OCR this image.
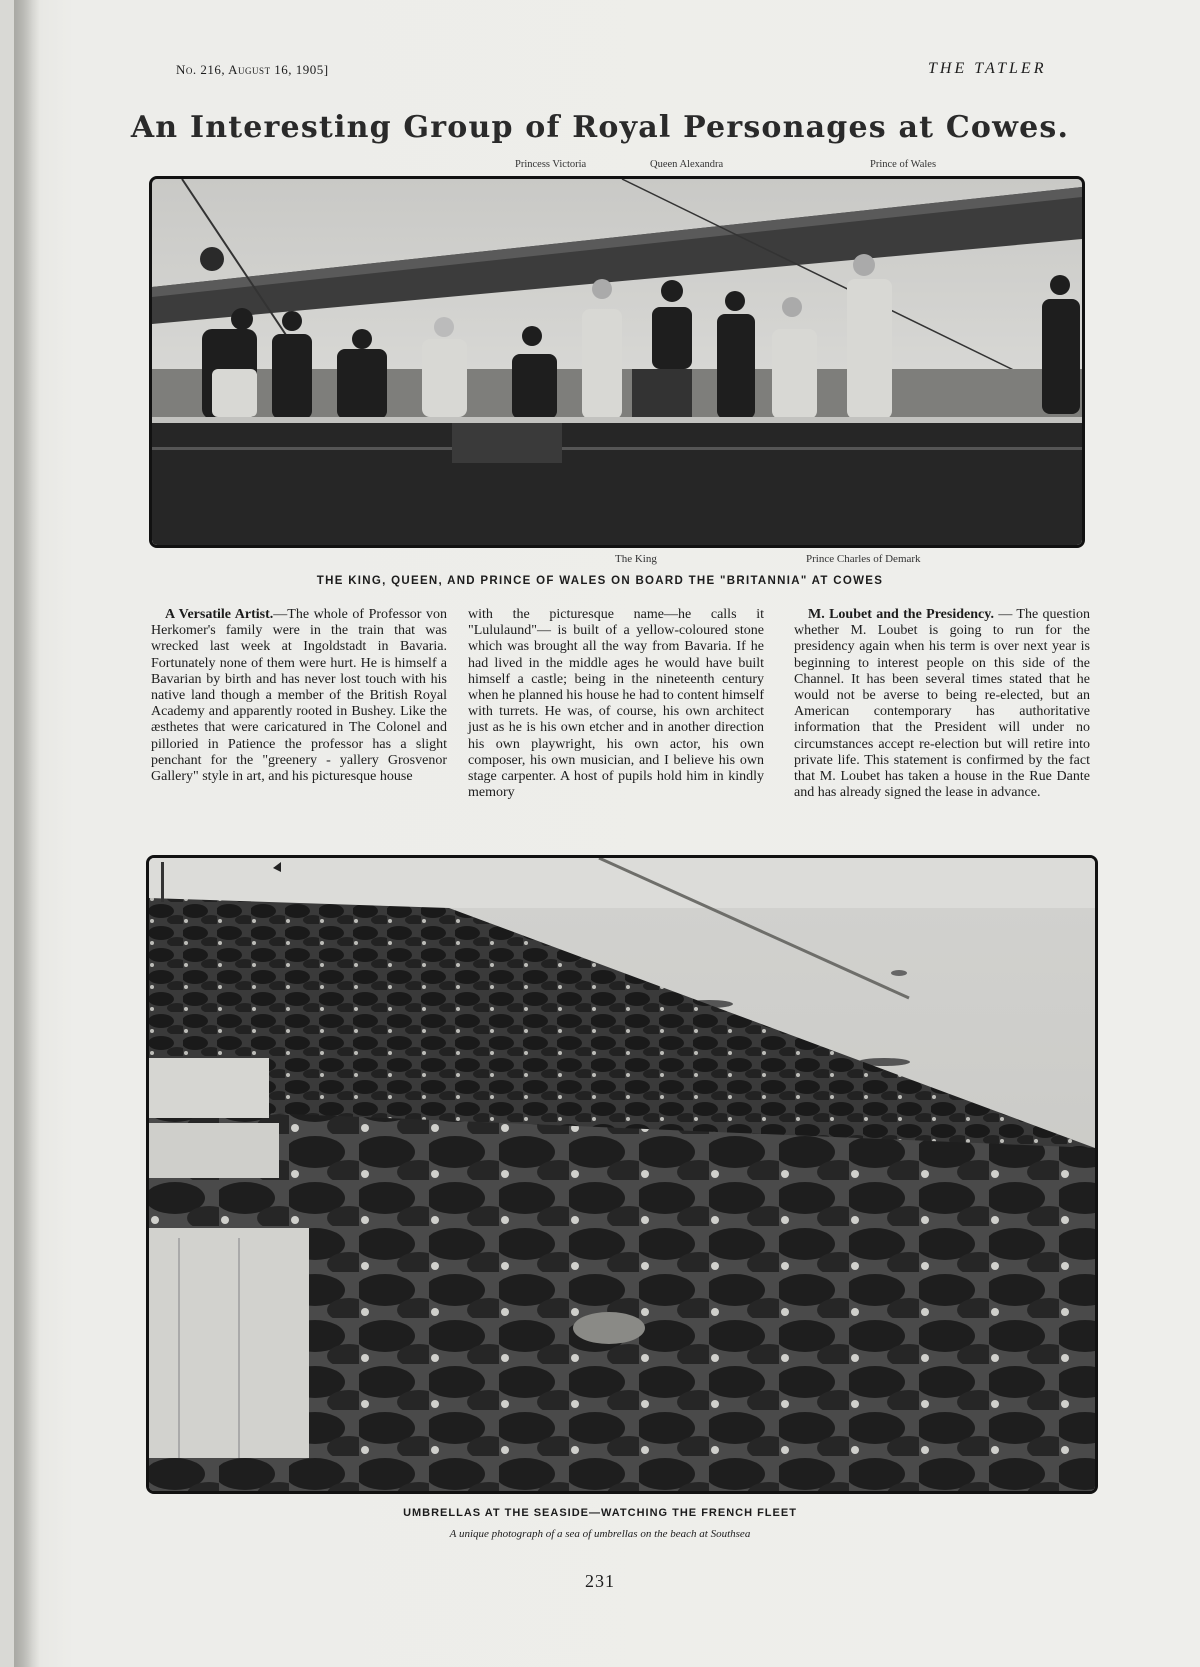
No. 216, August 16, 1905]	THE TATLER
An Interesting Group of Royal Personages at Cowes.
Princess Victoria	Queen Alexandra	Prince of Wales
The King	Prince Charles of Demark
THE KING, QUEEN, AND PRINCE OF WALES ON BOARD THE "BRITANNIA" AT COWES

A Versatile Artist.—The whole of Professor von Herkomer's family were in the train that was wrecked last week at Ingoldstadt in Bavaria. Fortunately none of them were hurt. He is himself a Bavarian by birth and has never lost touch with his native land though a member of the British Royal Academy and apparently rooted in Bushey. Like the æsthetes that were caricatured in The Colonel and pilloried in Patience the professor has a slight penchant for the "greenery - yallery Grosvenor Gallery" style in art, and his picturesque house

with the picturesque name—he calls it "Lululaund"— is built of a yellow-coloured stone which was brought all the way from Bavaria. If he had lived in the middle ages he would have built himself a castle; being in the nineteenth century when he planned his house he had to content himself with turrets. He was, of course, his own architect just as he is his own etcher and in another direction his own playwright, his own actor, his own composer, his own musician, and I believe his own stage carpenter. A host of pupils hold him in kindly memory

M. Loubet and the Presidency. — The question whether M. Loubet is going to run for the presidency again when his term is over next year is beginning to interest people on this side of the Channel. It has been several times stated that he would not be averse to being re-elected, but an American contemporary has authoritative information that the President will under no circumstances accept re-election but will retire into private life. This statement is confirmed by the fact that M. Loubet has taken a house in the Rue Dante and has already signed the lease in advance.

UMBRELLAS AT THE SEASIDE—WATCHING THE FRENCH FLEET
A unique photograph of a sea of umbrellas on the beach at Southsea
231
